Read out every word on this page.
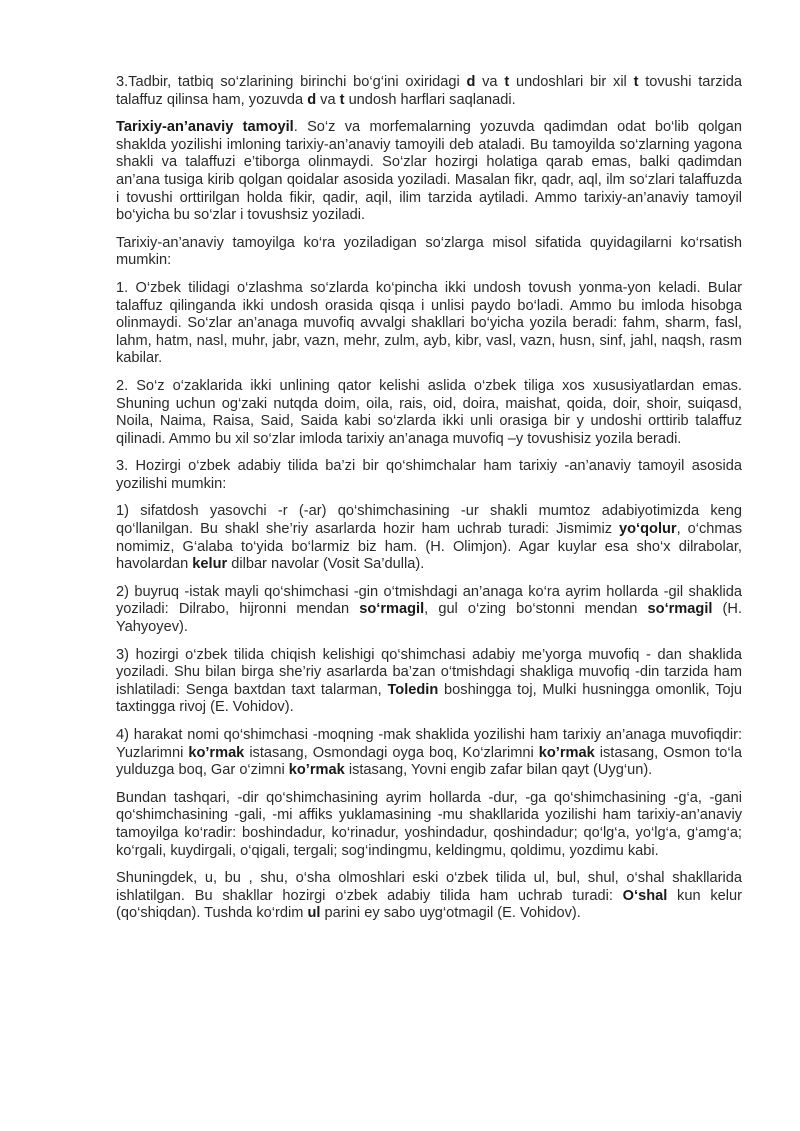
3.Tadbir, tatbiq so‘zlarining birinchi bo‘g‘ini oxiridagi d va t undoshlari bir xil t tovushi tarzida talaffuz qilinsa ham, yozuvda d va t undosh harflari saqlanadi.

Tarixiy-an’anaviy tamoyil. So‘z va morfemalarning yozuvda qadimdan odat bo‘lib qolgan shaklda yozilishi imloning tarixiy-an’anaviy tamoyili deb ataladi. Bu tamoyilda so‘zlarning yagona shakli va talaffuzi e’tiborga olinmaydi. So‘zlar hozirgi holatiga qarab emas, balki qadimdan an’ana tusiga kirib qolgan qoidalar asosida yoziladi. Masalan fikr, qadr, aql, ilm so‘zlari talaffuzda i tovushi orttirilgan holda fikir, qadir, aqil, ilim tarzida aytiladi. Ammo tarixiy-an’anaviy tamoyil bo‘yicha bu so‘zlar i tovushsiz yoziladi.

Tarixiy-an’anaviy tamoyilga ko‘ra yoziladigan so‘zlarga misol sifatida quyidagilarni ko‘rsatish mumkin:

1. O‘zbek tilidagi o‘zlashma so‘zlarda ko‘pincha ikki undosh tovush yonma-yon keladi. Bular talaffuz qilinganda ikki undosh orasida qisqa i unlisi paydo bo‘ladi. Ammo bu imloda hisobga olinmaydi. So‘zlar an’anaga muvofiq avvalgi shakllari bo‘yicha yozila beradi: fahm, sharm, fasl, lahm, hatm, nasl, muhr, jabr, vazn, mehr, zulm, ayb, kibr, vasl, vazn, husn, sinf, jahl, naqsh, rasm kabilar.

2. So‘z o‘zaklarida ikki unlining qator kelishi aslida o‘zbek tiliga xos xususiyatlardan emas. Shuning uchun og‘zaki nutqda doim, oila, rais, oid, doira, maishat, qoida, doir, shoir, suiqasd, Noila, Naima, Raisa, Said, Saida kabi so‘zlarda ikki unli orasiga bir y undoshi orttirib talaffuz qilinadi. Ammo bu xil so‘zlar imloda tarixiy an’anaga muvofiq –y tovushisiz yozila beradi.

3. Hozirgi o‘zbek adabiy tilida ba’zi bir qo‘shimchalar ham tarixiy -an’anaviy tamoyil asosida yozilishi mumkin:

1) sifatdosh yasovchi -r (-ar) qo‘shimchasining -ur shakli mumtoz adabiyotimizda keng qo‘llanilgan. Bu shakl she’riy asarlarda hozir ham uchrab turadi: Jismimiz yo‘qolur, o‘chmas nomimiz, G‘alaba to‘yida bo‘larmiz biz ham. (H. Olimjon). Agar kuylar esa sho‘x dilrabolar, havolardan kelur dilbar navolar (Vosit Sa’dulla).

2) buyruq -istak mayli qo‘shimchasi -gin o‘tmishdagi an’anaga ko‘ra ayrim hollarda -gil shaklida yoziladi: Dilrabo, hijronni mendan so‘rmagil, gul o‘zing bo‘stonni mendan so‘rmagil (H. Yahyoyev).

3) hozirgi o‘zbek tilida chiqish kelishigi qo‘shimchasi adabiy me’yorga muvofiq - dan shaklida yoziladi. Shu bilan birga she’riy asarlarda ba’zan o‘tmishdagi shakliga muvofiq -din tarzida ham ishlatiladi: Senga baxtdan taxt talarman, Toledin boshingga toj, Mulki husningga omonlik, Toju taxtingga rivoj (E. Vohidov).

4) harakat nomi qo‘shimchasi -moqning -mak shaklida yozilishi ham tarixiy an’anaga muvofiqdir: Yuzlarimni ko’rmak istasang, Osmondagi oyga boq, Ko‘zlarimni ko’rmak istasang, Osmon to‘la yulduzga boq, Gar o‘zimni ko’rmak istasang, Yovni engib zafar bilan qayt (Uyg‘un).

Bundan tashqari, -dir qo‘shimchasining ayrim hollarda -dur, -ga qo‘shimchasining -g‘a, -gani qo‘shimchasining -gali, -mi affiks yuklamasining -mu shakllarida yozilishi ham tarixiy-an’anaviy tamoyilga ko‘radir: boshindadur, ko‘rinadur, yoshindadur, qoshindadur; qo‘lg‘a, yo‘lg‘a, g‘amg‘a; ko‘rgali, kuydirgali, o‘qigali, tergali; sog‘indingmu, keldingmu, qoldimu, yozdimu kabi.

Shuningdek, u, bu , shu, o‘sha olmoshlari eski o‘zbek tilida ul, bul, shul, o‘shal shakllarida ishlatilgan. Bu shakllar hozirgi o‘zbek adabiy tilida ham uchrab turadi: O‘shal kun kelur (qo‘shiqdan). Tushda ko‘rdim ul parini ey sabo uyg‘otmagil (E. Vohidov).
